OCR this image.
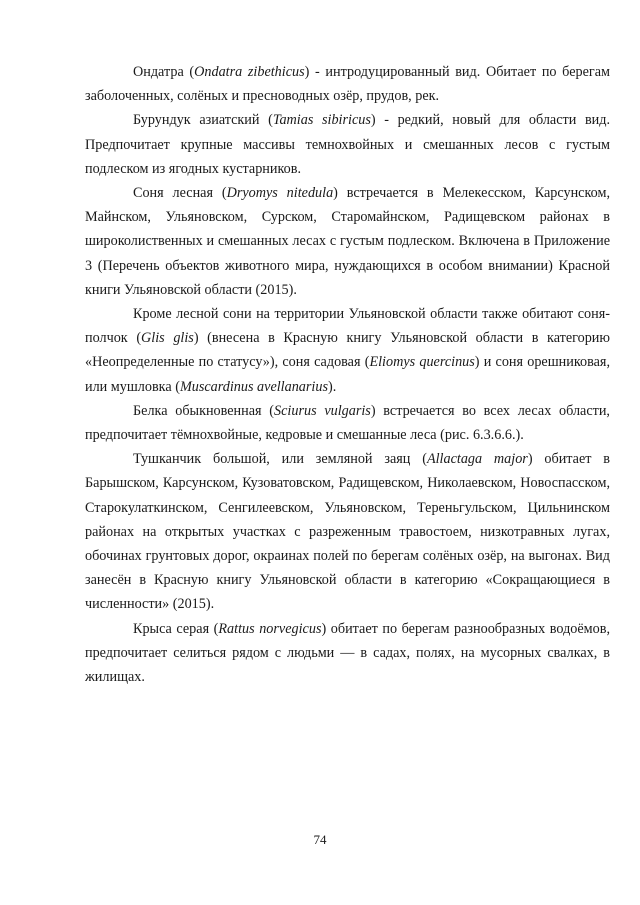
Ондатра (Ondatra zibethicus) - интродуцированный вид. Обитает по берегам заболоченных, солёных и пресноводных озёр, прудов, рек.

Бурундук азиатский (Tamias sibiricus) - редкий, новый для области вид. Предпочитает крупные массивы темнохвойных и смешанных лесов с густым подлеском из ягодных кустарников.

Соня лесная (Dryomys nitedula) встречается в Мелекесском, Карсунском, Майнском, Ульяновском, Сурском, Старомайнском, Радищевском районах в широколиственных и смешанных лесах с густым подлеском. Включена в Приложение 3 (Перечень объектов животного мира, нуждающихся в особом внимании) Красной книги Ульяновской области (2015).

Кроме лесной сони на территории Ульяновской области также обитают соня-полчок (Glis glis) (внесена в Красную книгу Ульяновской области в категорию «Неопределенные по статусу»), соня садовая (Eliomys quercinus) и соня орешниковая, или мушловка (Muscardinus avellanarius).

Белка обыкновенная (Sciurus vulgaris) встречается во всех лесах области, предпочитает тёмнохвойные, кедровые и смешанные леса (рис. 6.3.6.6.).

Тушканчик большой, или земляной заяц (Allactaga major) обитает в Барышском, Карсунском, Кузоватовском, Радищевском, Николаевском, Новоспасском, Старокулаткинском, Сенгилеевском, Ульяновском, Тереньгульском, Цильнинском районах на открытых участках с разреженным травостоем, низкотравных лугах, обочинах грунтовых дорог, окраинах полей по берегам солёных озёр, на выгонах. Вид занесён в Красную книгу Ульяновской области в категорию «Сокращающиеся в численности» (2015).

Крыса серая (Rattus norvegicus) обитает по берегам разнообразных водоёмов, предпочитает селиться рядом с людьми — в садах, полях, на мусорных свалках, в жилищах.

74
